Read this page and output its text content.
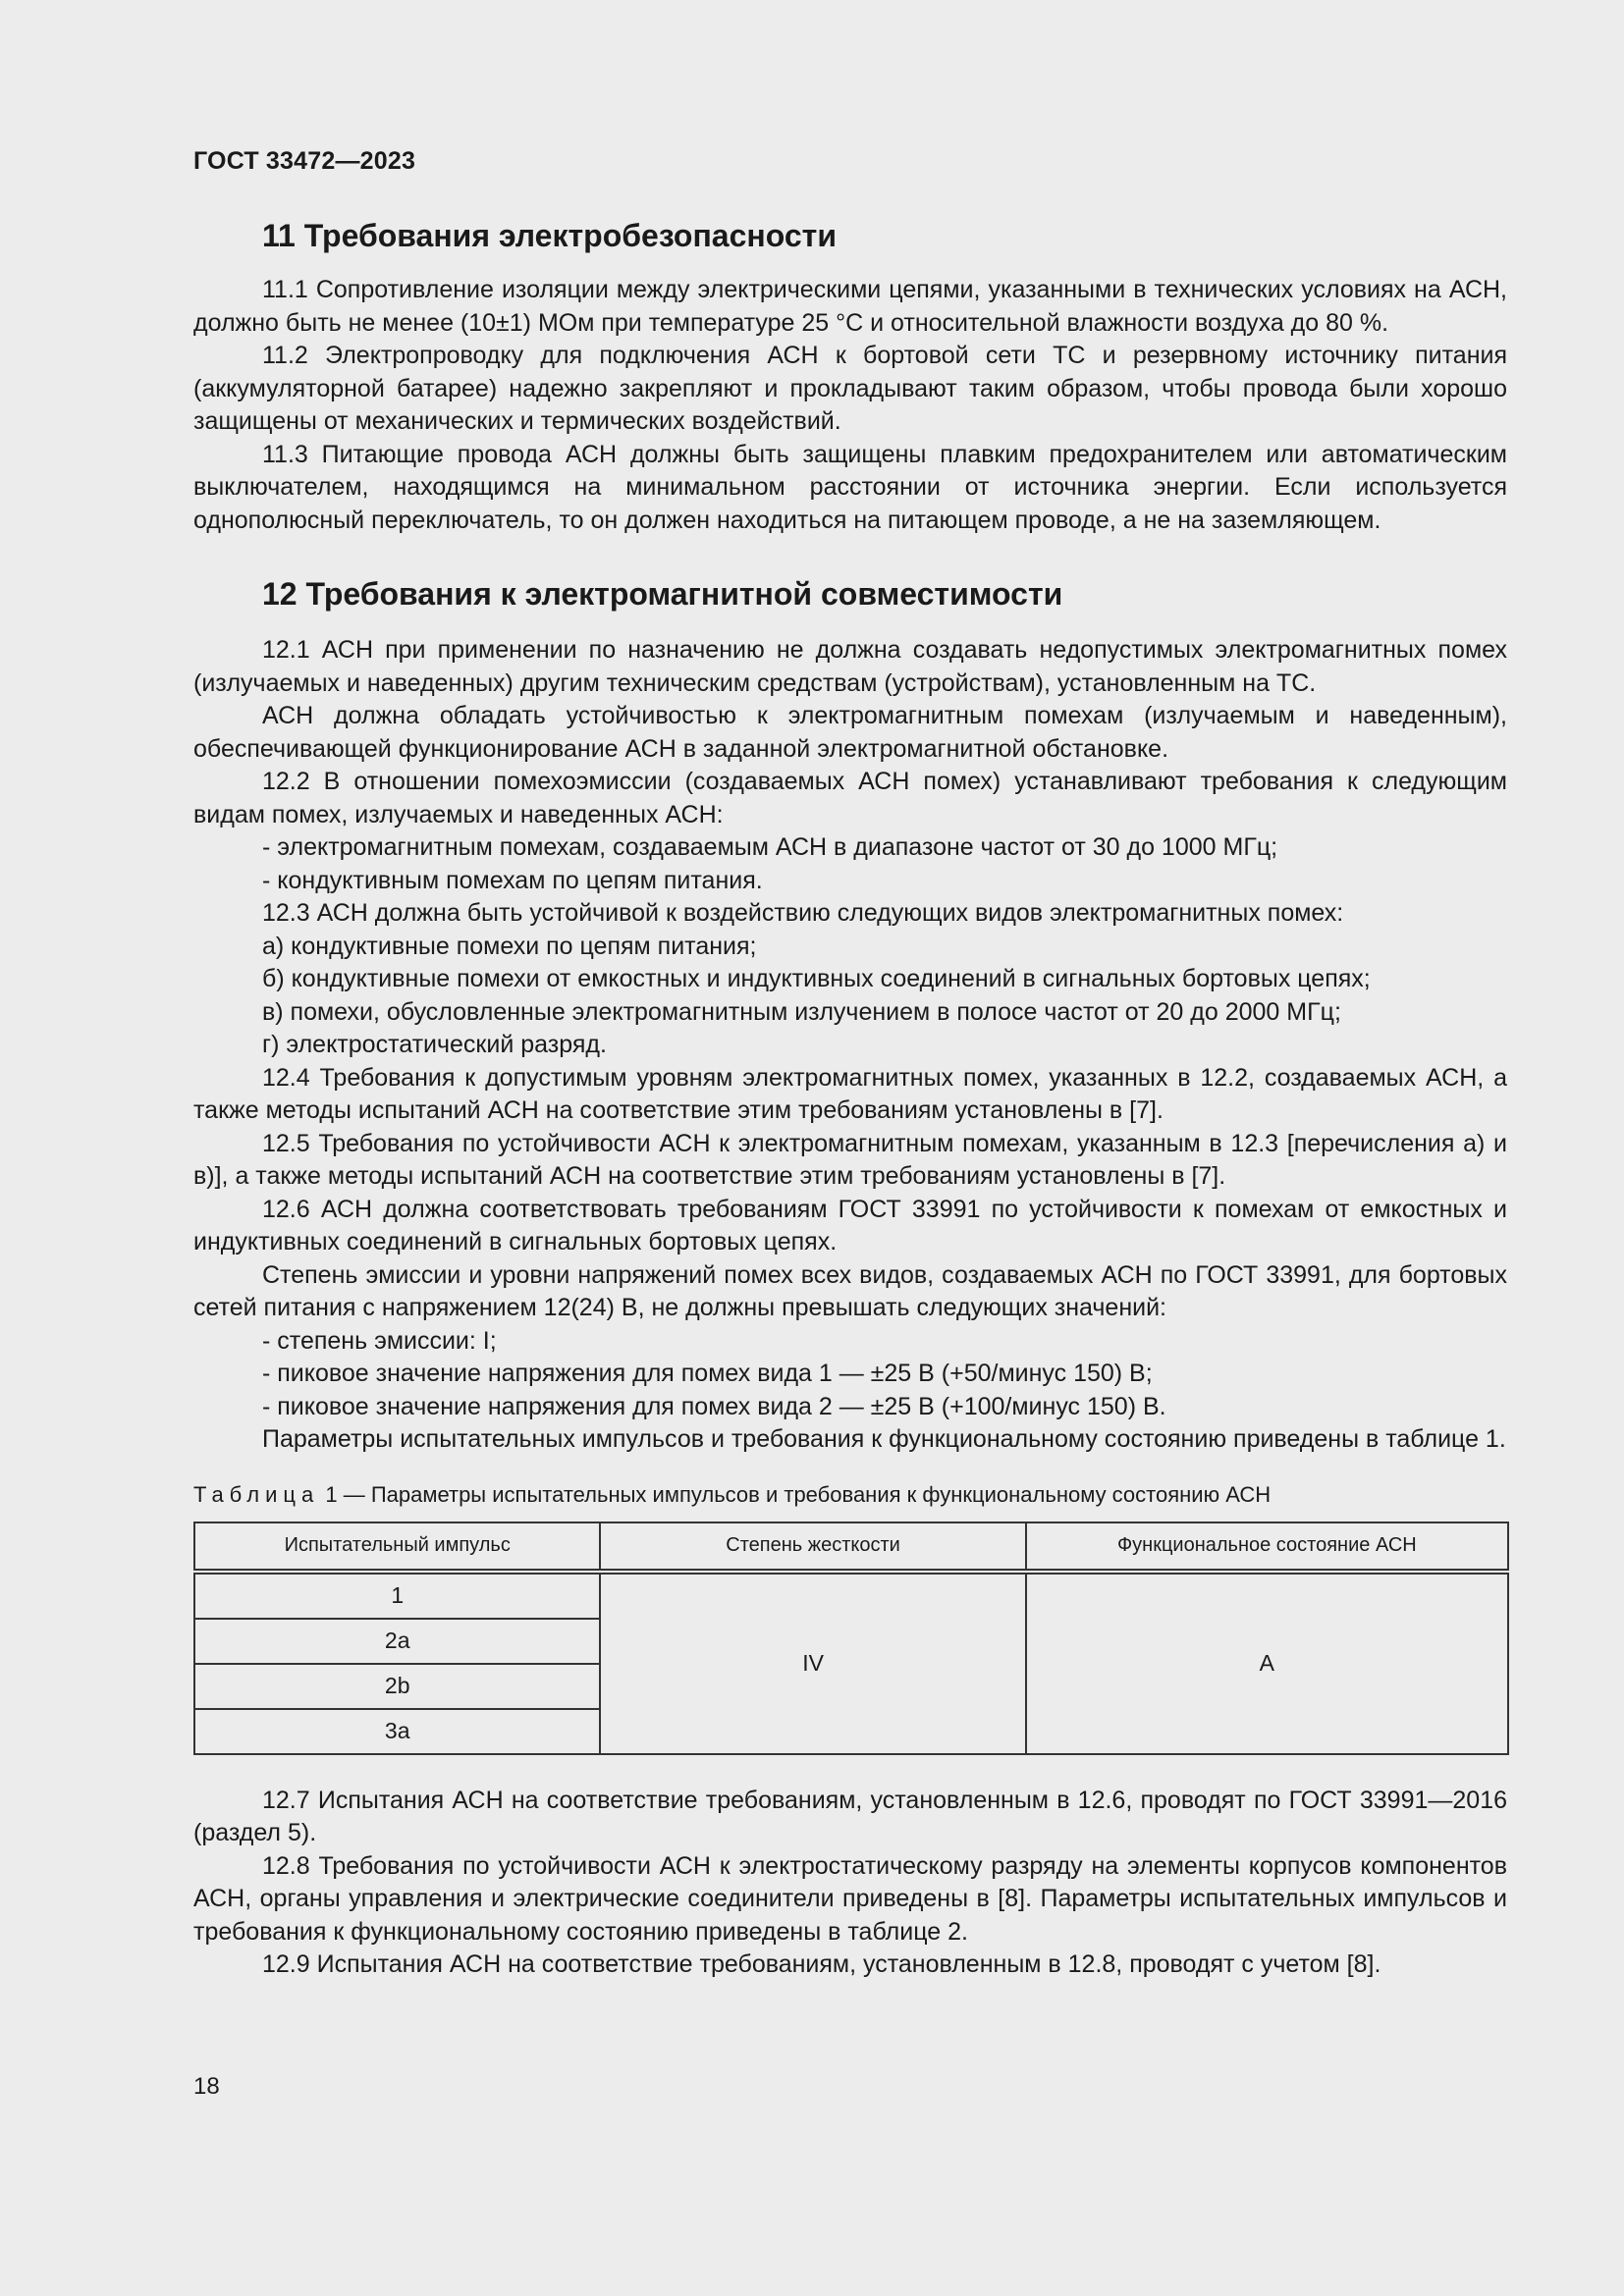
ГОСТ 33472—2023
11 Требования электробезопасности

11.1 Сопротивление изоляции между электрическими цепями, указанными в технических условиях на АСН, должно быть не менее (10±1) МОм при температуре 25 °С и относительной влажности воздуха до 80 %.

11.2 Электропроводку для подключения АСН к бортовой сети ТС и резервному источнику питания (аккумуляторной батарее) надежно закрепляют и прокладывают таким образом, чтобы провода были хорошо защищены от механических и термических воздействий.

11.3 Питающие провода АСН должны быть защищены плавким предохранителем или автоматическим выключателем, находящимся на минимальном расстоянии от источника энергии. Если используется однополюсный переключатель, то он должен находиться на питающем проводе, а не на заземляющем.

12 Требования к электромагнитной совместимости

12.1 АСН при применении по назначению не должна создавать недопустимых электромагнитных помех (излучаемых и наведенных) другим техническим средствам (устройствам), установленным на ТС.

АСН должна обладать устойчивостью к электромагнитным помехам (излучаемым и наведенным), обеспечивающей функционирование АСН в заданной электромагнитной обстановке.

12.2 В отношении помехоэмиссии (создаваемых АСН помех) устанавливают требования к следующим видам помех, излучаемых и наведенных АСН:

- электромагнитным помехам, создаваемым АСН в диапазоне частот от 30 до 1000 МГц;

- кондуктивным помехам по цепям питания.

12.3 АСН должна быть устойчивой к воздействию следующих видов электромагнитных помех:

а) кондуктивные помехи по цепям питания;

б) кондуктивные помехи от емкостных и индуктивных соединений в сигнальных бортовых цепях;

в) помехи, обусловленные электромагнитным излучением в полосе частот от 20 до 2000 МГц;

г) электростатический разряд.

12.4 Требования к допустимым уровням электромагнитных помех, указанных в 12.2, создаваемых АСН, а также методы испытаний АСН на соответствие этим требованиям установлены в [7].

12.5 Требования по устойчивости АСН к электромагнитным помехам, указанным в 12.3 [перечисления а) и в)], а также методы испытаний АСН на соответствие этим требованиям установлены в [7].

12.6 АСН должна соответствовать требованиям ГОСТ 33991 по устойчивости к помехам от емкостных и индуктивных соединений в сигнальных бортовых цепях.

Степень эмиссии и уровни напряжений помех всех видов, создаваемых АСН по ГОСТ 33991, для бортовых сетей питания с напряжением 12(24) В, не должны превышать следующих значений:

- степень эмиссии: I;

- пиковое значение напряжения для помех вида 1 — ±25 В (+50/минус 150) В;

- пиковое значение напряжения для помех вида 2 — ±25 В (+100/минус 150) В.

Параметры испытательных импульсов и требования к функциональному состоянию приведены в таблице 1.

Таблица 1 — Параметры испытательных импульсов и требования к функциональному состоянию АСН
Испытательный импульс	Степень жесткости	Функциональное состояние АСН
1	IV	A
2a		
2b		
3a		

12.7 Испытания АСН на соответствие требованиям, установленным в 12.6, проводят по ГОСТ 33991—2016 (раздел 5).

12.8 Требования по устойчивости АСН к электростатическому разряду на элементы корпусов компонентов АСН, органы управления и электрические соединители приведены в [8]. Параметры испытательных импульсов и требования к функциональному состоянию приведены в таблице 2.

12.9 Испытания АСН на соответствие требованиям, установленным в 12.8, проводят с учетом [8].

18
